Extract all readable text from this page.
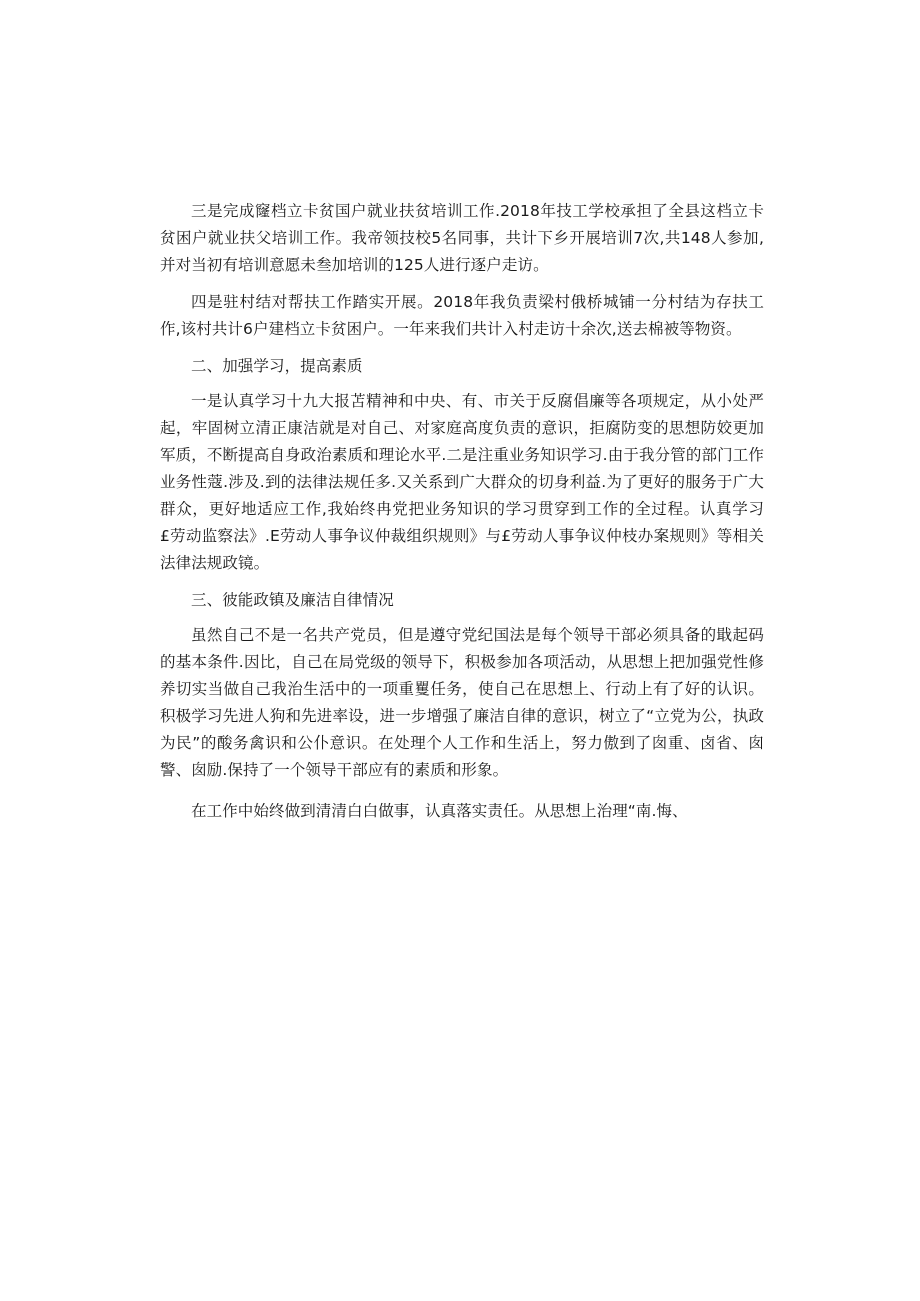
三是完成窿档立卡贫国户就业扶贫培训工作.2018年技工学校承担了全县这档立卡贫困户就业扶父培训工作。我帝领技校5名同事，共计下乡开展培训7次,共148人参加,并对当初有培训意愿未叁加培训的125人进行逐户走访。

四是驻村结对帮扶工作踏实开展。2018年我负责梁村俄桥城铺一分村结为存扶工作,该村共计6户建档立卡贫困户。一年来我们共计入村走访十余次,送去棉被等物资。

二、加强学习，提高素质

一是认真学习十九大报苫精神和中央、有、市关于反腐倡廉等各项规定，从小处严起，牢固树立清正康洁就是对自己、对家庭高度负责的意识，拒腐防变的思想防姣更加军质，不断提高自身政治素质和理论水平.二是注重业务知识学习.由于我分管的部门工作业务性蔻.涉及.到的法律法规任多.又关系到广大群众的切身利益.为了更好的服务于广大群众，更好地适应工作,我始终冉党把业务知识的学习贯穿到工作的全过程。认真学习£劳动监察法》.E劳动人事争议仲裁组织规则》与£劳动人事争议仲枝办案规则》等相关法律法规政镜。

三、彼能政镇及廉洁自律情况

虽然自己不是一名共产党员，但是遵守党纪国法是每个领导干部必须具备的戢起码的基本条件.因比，自己在局党级的领导下，积极参加各项活动，从思想上把加强党性修养切实当做自己我治生活中的一项重矍任务，使自己在思想上、行动上有了好的认识。积极学习先进人狗和先进率设，进一步增强了廉洁自律的意识，树立了“立党为公，执政为民”的酸务禽识和公仆意识。在处理个人工作和生活上，努力傲到了囱重、卤省、囱警、囱励.保持了一个领导干部应有的素质和形象。

在工作中始终做到清清白白做事，认真落实责任。从思想上治理“南.悔、
